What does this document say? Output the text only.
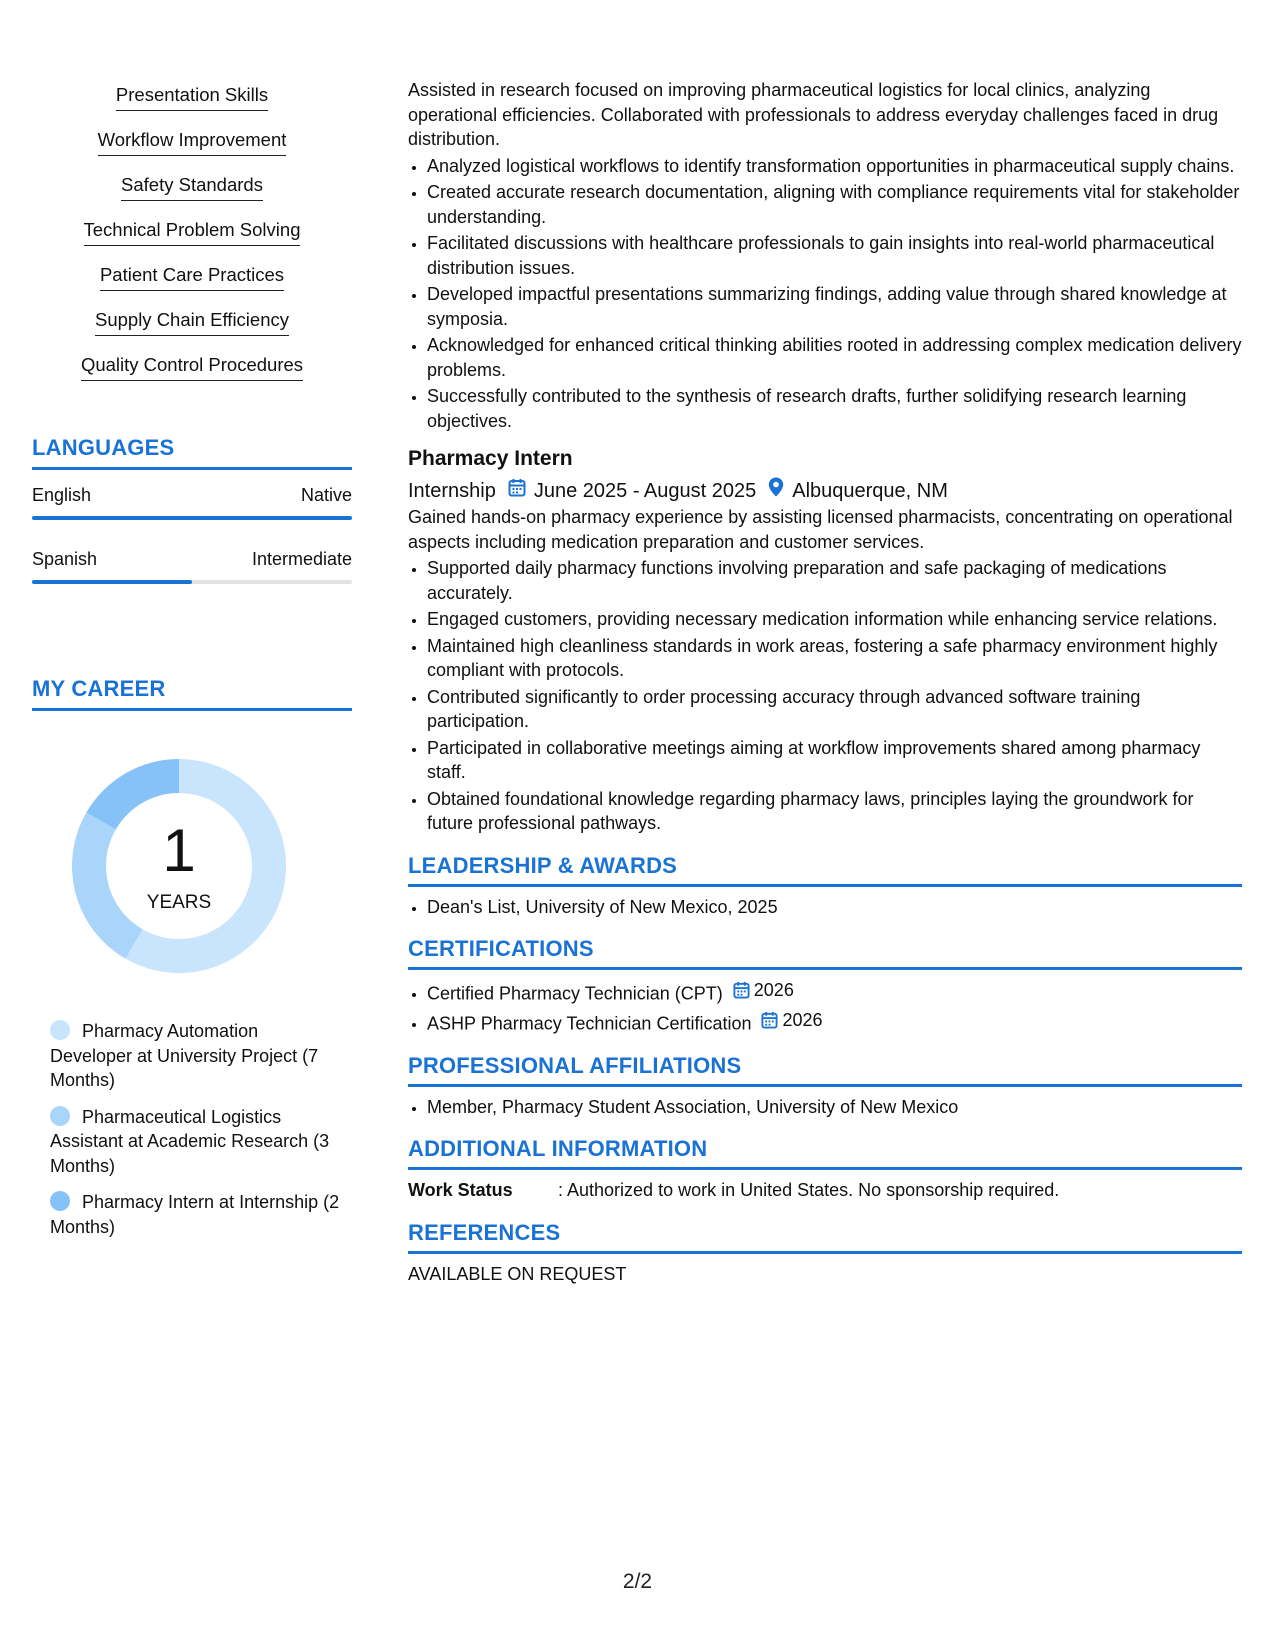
Presentation Skills
Workflow Improvement
Safety Standards
Technical Problem Solving
Patient Care Practices
Supply Chain Efficiency
Quality Control Procedures
LANGUAGES
English	Native
Spanish	Intermediate
MY CAREER
1
YEARS
Pharmacy Automation Developer at University Project (7 Months)
Pharmaceutical Logistics Assistant at Academic Research (3 Months)
Pharmacy Intern at Internship (2 Months)

Assisted in research focused on improving pharmaceutical logistics for local clinics, analyzing operational efficiencies. Collaborated with professionals to address everyday challenges faced in drug distribution.

• Analyzed logistical workflows to identify transformation opportunities in pharmaceutical supply chains.
• Created accurate research documentation, aligning with compliance requirements vital for stakeholder understanding.
• Facilitated discussions with healthcare professionals to gain insights into real-world pharmaceutical distribution issues.
• Developed impactful presentations summarizing findings, adding value through shared knowledge at symposia.
• Acknowledged for enhanced critical thinking abilities rooted in addressing complex medication delivery problems.
• Successfully contributed to the synthesis of research drafts, further solidifying research learning objectives.
Pharmacy Intern
Internship June 2025 - August 2025 Albuquerque, NM

Gained hands-on pharmacy experience by assisting licensed pharmacists, concentrating on operational aspects including medication preparation and customer services.

• Supported daily pharmacy functions involving preparation and safe packaging of medications accurately.
• Engaged customers, providing necessary medication information while enhancing service relations.
• Maintained high cleanliness standards in work areas, fostering a safe pharmacy environment highly compliant with protocols.
• Contributed significantly to order processing accuracy through advanced software training participation.
• Participated in collaborative meetings aiming at workflow improvements shared among pharmacy staff.
• Obtained foundational knowledge regarding pharmacy laws, principles laying the groundwork for future professional pathways.
LEADERSHIP & AWARDS
• Dean's List, University of New Mexico, 2025
CERTIFICATIONS
• Certified Pharmacy Technician (CPT) 2026
• ASHP Pharmacy Technician Certification 2026
PROFESSIONAL AFFILIATIONS
• Member, Pharmacy Student Association, University of New Mexico
ADDITIONAL INFORMATION
Work Status	: Authorized to work in United States. No sponsorship required.
REFERENCES

AVAILABLE ON REQUEST

2/2
